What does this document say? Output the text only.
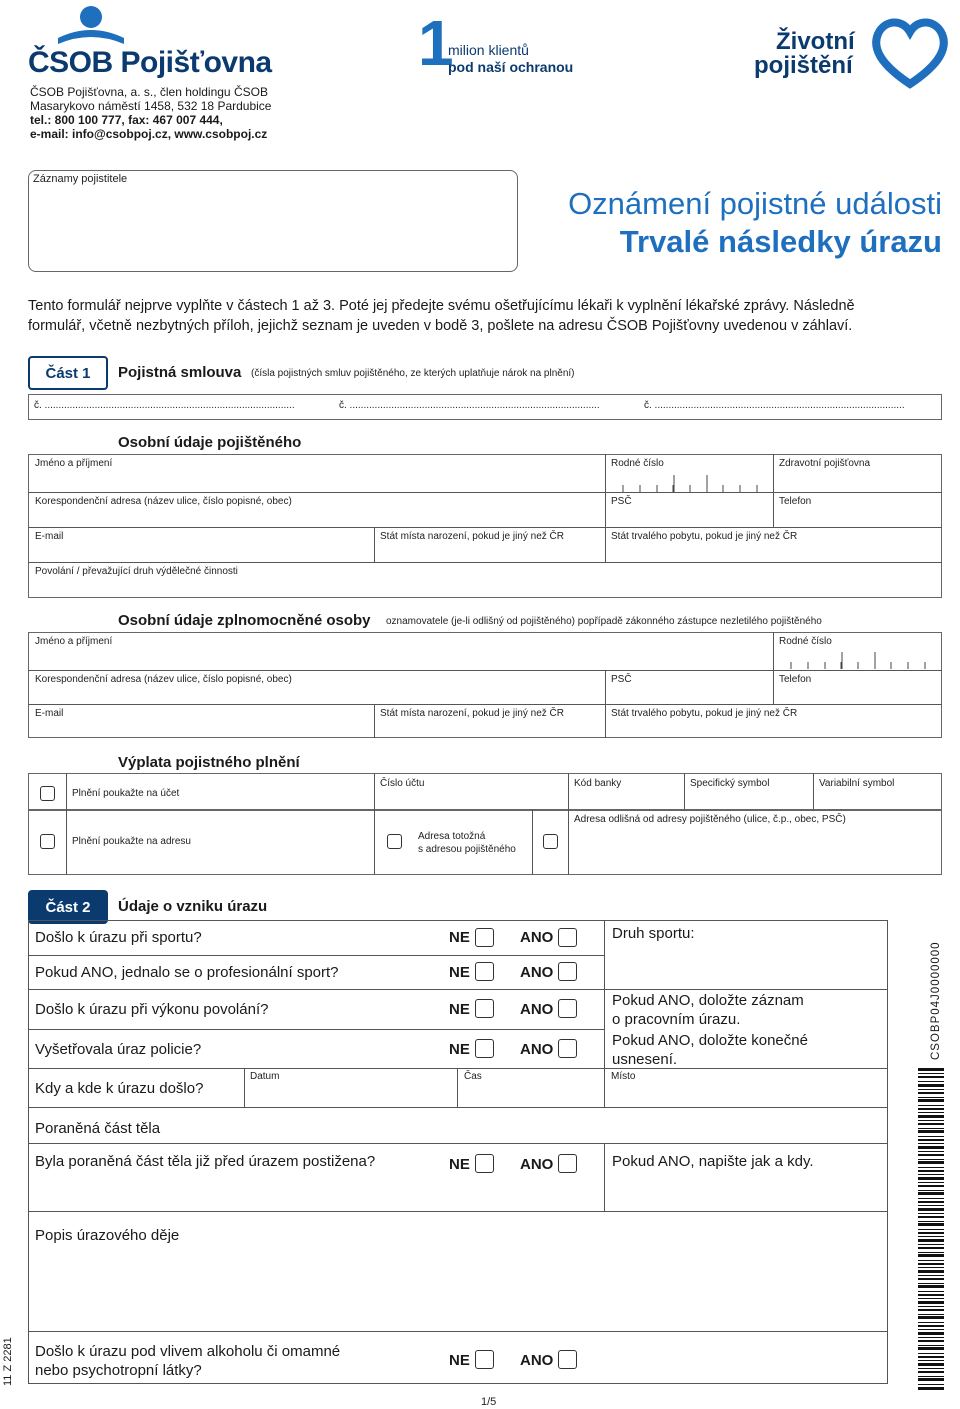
ČSOB Pojišťovna
ČSOB Pojišťovna, a. s., člen holdingu ČSOB
Masarykovo náměstí 1458, 532 18 Pardubice
tel.: 800 100 777, fax: 467 007 444,
e-mail: info@csobpoj.cz, www.csobpoj.cz
1
milion klientů
pod naší ochranou
Životní
pojištění
Záznamy pojistitele
Oznámení pojistné události
Trvalé následky úrazu
Tento formulář nejprve vyplňte v částech 1 až 3. Poté jej předejte svému ošetřujícímu lékaři k vyplnění lékařské zprávy. Následně
formulář, včetně nezbytných příloh, jejichž seznam je uveden v bodě 3, pošlete na adresu ČSOB Pojišťovny uvedenou v záhlaví.
Část 1 Pojistná smlouva (čísla pojistných smluv pojištěného, ze kterých uplatňuje nárok na plnění)
č. ..........................................................................................	č. ..........................................................................................	č. ..........................................................................................
Osobní údaje pojištěného
Jméno a příjmení	Rodné číslo	Zdravotní pojišťovna
Korespondenční adresa (název ulice, číslo popisné, obec)	PSČ	Telefon
E-mail	Stát místa narození, pokud je jiný než ČR	Stát trvalého pobytu, pokud je jiný než ČR
Povolání / převažující druh výdělečné činnosti
Osobní údaje zplnomocněné osoby oznamovatele (je-li odlišný od pojištěného) popřípadě zákonného zástupce nezletilého pojištěného
Jméno a příjmení	Rodné číslo
Korespondenční adresa (název ulice, číslo popisné, obec)	PSČ	Telefon
E-mail	Stát místa narození, pokud je jiný než ČR	Stát trvalého pobytu, pokud je jiný než ČR
Výplata pojistného plnění
Plnění poukažte na účet
Číslo účtu	Kód banky	Specifický symbol	Variabilní symbol
Plnění poukažte na adresu	Adresa totožná
s adresou pojištěného
Adresa odlišná od adresy pojištěného (ulice, č.p., obec, PSČ)
Část 2 Údaje o vzniku úrazu
Došlo k úrazu při sportu?	NE	ANO	Druh sportu:
Pokud ANO, jednalo se o profesionální sport?	NE	ANO
Došlo k úrazu při výkonu povolání?	NE	ANO
Pokud ANO, doložte záznam
o pracovním úrazu.
Vyšetřovala úraz policie?	NE	ANO
Pokud ANO, doložte konečné
usnesení.
Kdy a kde k úrazu došlo?
Datum	Čas	Místo
Poraněná část těla
Byla poraněná část těla již před úrazem postižena?	NE	ANO	Pokud ANO, napište jak a kdy.
Popis úrazového děje
Došlo k úrazu pod vlivem alkoholu či omamné
nebo psychotropní látky?
NE	ANO
CSOBP04J0000000
11 Z 2281
1/5
